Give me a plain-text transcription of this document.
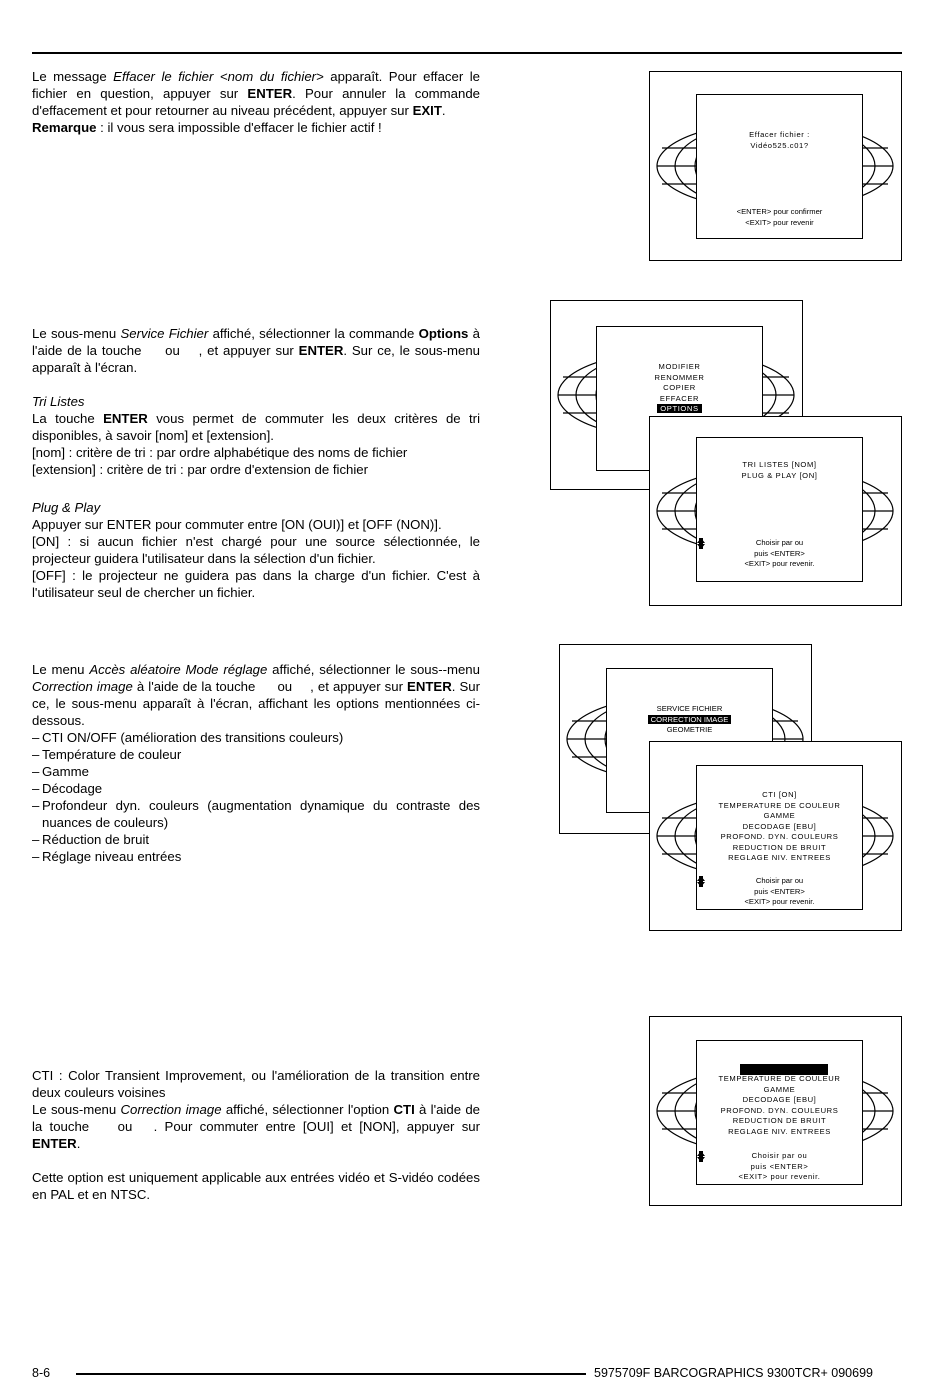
Le message Effacer le fichier <nom du fichier> apparaît. Pour effacer le fichier en question, appuyer sur ENTER. Pour annuler la commande d'effacement et pour retourner au niveau précédent, appuyer sur EXIT.

Remarque : il vous sera impossible d'effacer le fichier actif !	Effacer fichier :
Vidéo525.c01?
<ENTER> pour confirmer
<EXIT> pour revenir

Le sous-menu Service Fichier affiché, sélectionner la commande Options à l'aide de la touche  ou , et appuyer sur ENTER. Sur ce, le sous-menu apparaît à l'écran.

Tri Listes

La touche ENTER vous permet de commuter les deux critères de tri disponibles, à savoir [nom] et [extension].

[nom] : critère de tri : par ordre alphabétique des noms de fichier

[extension] : critère de tri : par ordre d'extension de fichier

Plug & Play

Appuyer sur ENTER pour commuter entre [ON (OUI)] et [OFF (NON)].

[ON] : si aucun fichier n'est chargé pour une source sélectionnée, le projecteur guidera l'utilisateur dans la sélection d'un fichier.

[OFF] : le projecteur ne guidera pas dans la charge d'un fichier. C'est à l'utilisateur seul de chercher un fichier.

MODIFIER
RENOMMER
COPIER
EFFACER
OPTIONS
TRI LISTES [NOM]
PLUG & PLAY [ON]
Choisir par ou
puis <ENTER>
<EXIT> pour revenir.

Le menu Accès aléatoire Mode réglage affiché, sélectionner le sous--menu Correction image à l'aide de la touche  ou , et appuyer sur ENTER. Sur ce, le sous-menu apparaît à l'écran, affichant les options mentionnées ci-dessous.

– CTI ON/OFF (amélioration des transitions couleurs)
– Température de couleur
– Gamme
– Décodage
– Profondeur dyn. couleurs (augmentation dynamique du contraste des nuances de couleurs)
– Réduction de bruit
– Réglage niveau entrées
SERVICE FICHIER
CORRECTION IMAGE
GEOMETRIE
CTI [ON]
TEMPERATURE DE COULEUR
GAMME
DECODAGE [EBU]
PROFOND. DYN. COULEURS
REDUCTION DE BRUIT
REGLAGE NIV. ENTREES
Choisir par ou
puis <ENTER>
<EXIT> pour revenir.

CTI : Color Transient Improvement, ou l'amélioration de la transition entre deux couleurs voisines

Le sous-menu Correction image affiché, sélectionner l'option CTI à l'aide de la touche  ou . Pour commuter entre [OUI] et [NON], appuyer sur ENTER.

Cette option est uniquement applicable aux entrées vidéo et S-vidéo codées en PAL et en NTSC.

TEMPERATURE DE COULEUR
GAMME
DECODAGE [EBU]
PROFOND. DYN. COULEURS
REDUCTION DE BRUIT
REGLAGE NIV. ENTREES
Choisir par ou
puis <ENTER>
<EXIT> pour revenir.
8-6	5975709F BARCOGRAPHICS 9300TCR+ 090699
